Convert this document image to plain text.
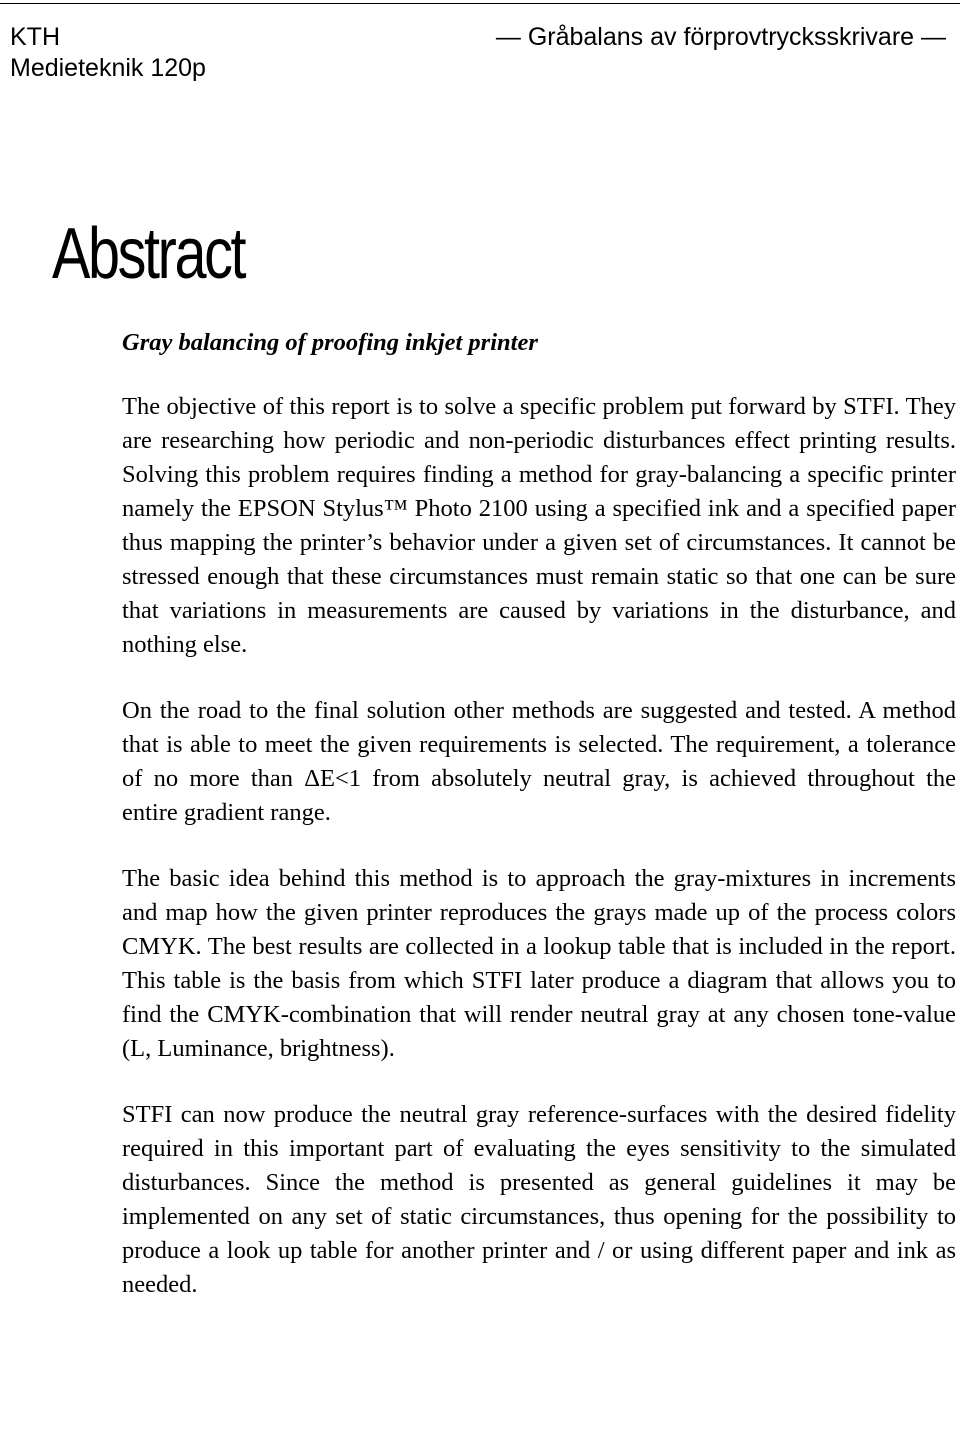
KTH
Medieteknik 120p
— Gråbalans av förprovtrycksskrivare —
Abstract
Gray balancing of proofing inkjet printer

The objective of this report is to solve a specific problem put forward by STFI. They are researching how periodic and non-periodic disturbances effect printing results. Solving this problem requires finding a method for gray-balancing a specific printer namely the EPSON Stylus™ Photo 2100 using a specified ink and a specified paper thus mapping the printer’s behavior under a given set of circumstances. It cannot be stressed enough that these circumstances must remain static so that one can be sure that variations in measurements are caused by variations in the disturbance, and nothing else.

On the road to the final solution other methods are suggested and tested. A method that is able to meet the given requirements is selected. The requirement, a tolerance of no more than ΔE<1 from absolutely neutral gray, is achieved throughout the entire gradient range.

The basic idea behind this method is to approach the gray-mixtures in increments and map how the given printer reproduces the grays made up of the process colors CMYK. The best results are collected in a lookup table that is included in the report. This table is the basis from which STFI later produce a diagram that allows you to find the CMYK-combination that will render neutral gray at any chosen tone-value (L, Luminance, brightness).

STFI can now produce the neutral gray reference-surfaces with the desired fidelity required in this important part of evaluating the eyes sensitivity to the simulated disturbances. Since the method is presented as general guidelines it may be implemented on any set of static circumstances, thus opening for the possibility to produce a look up table for another printer and / or using different paper and ink as needed.
